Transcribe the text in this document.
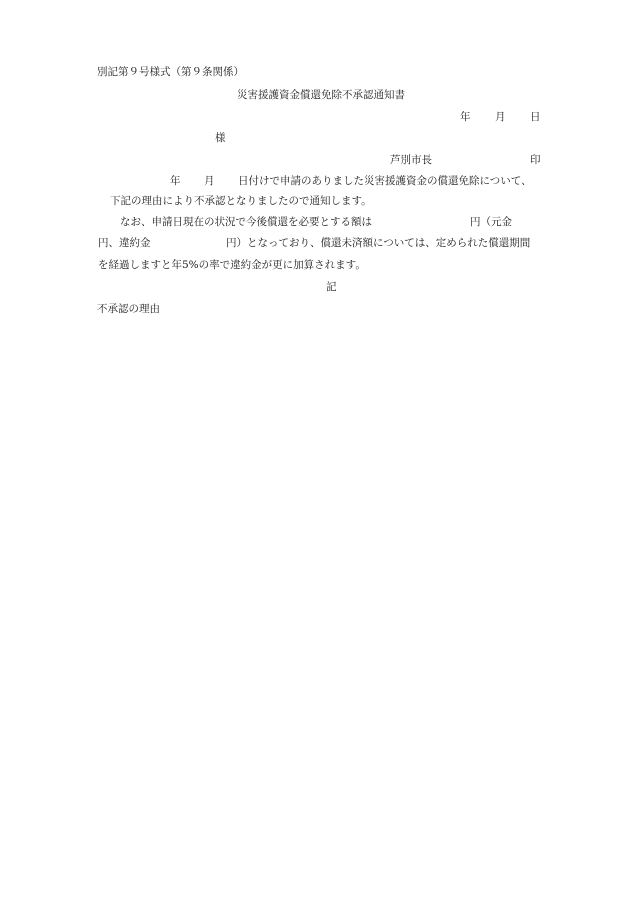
別記第９号様式（第９条関係）
災害援護資金償還免除不承認通知書
年 月 日
様
芦別市長	印
年 月 日付けで申請のありました災害援護資金の償還免除について、
下記の理由により不承認となりましたので通知します。
なお、申請日現在の状況で今後償還を必要とする額は	円（元金
円、違約金	円）となっており、償還未済額については、定められた償還期間
を経過しますと年5%の率で違約金が更に加算されます。
記
不承認の理由
